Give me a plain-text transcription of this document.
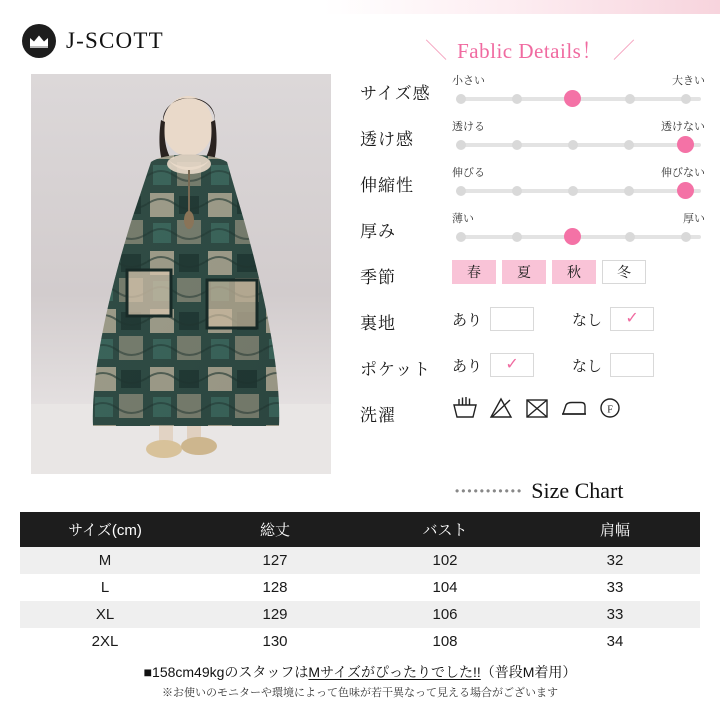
J-SCOTT	＼ Fablic Details！ ／
サイズ感
小さい	大きい
透け感
透ける	透けない
伸縮性
伸びる	伸びない
厚み
薄い	厚い
季節	春	夏	秋	冬
裏地	あり	なし	✓
ポケット	あり	✓	なし
洗濯	F
••••••••••• Size Chart
サイズ(cm)	総丈	バスト	肩幅
M	127	102	32
L	128	104	33
XL	129	106	33
2XL	130	108	34
■158cm49kgのスタッフはMサイズがぴったりでした!!（普段M着用）
※お使いのモニターや環境によって色味が若干異なって見える場合がございます
